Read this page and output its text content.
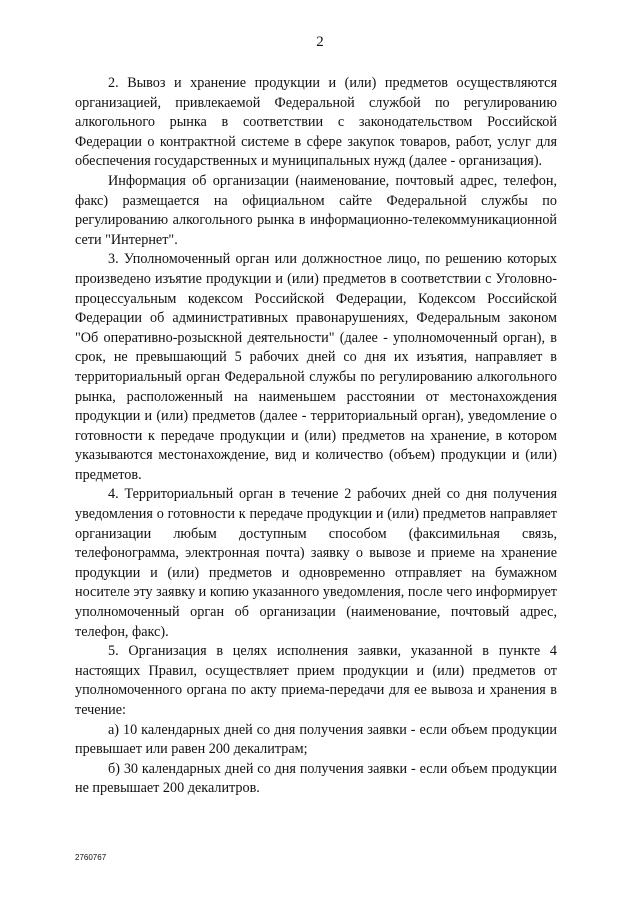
2

2. Вывоз и хранение продукции и (или) предметов осуществляются организацией, привлекаемой Федеральной службой по регулированию алкогольного рынка в соответствии с законодательством Российской Федерации о контрактной системе в сфере закупок товаров, работ, услуг для обеспечения государственных и муниципальных нужд (далее - организация).

Информация об организации (наименование, почтовый адрес, телефон, факс) размещается на официальном сайте Федеральной службы по регулированию алкогольного рынка в информационно-телекоммуникационной сети "Интернет".

3. Уполномоченный орган или должностное лицо, по решению которых произведено изъятие продукции и (или) предметов в соответствии с Уголовно-процессуальным кодексом Российской Федерации, Кодексом Российской Федерации об административных правонарушениях, Федеральным законом "Об оперативно-розыскной деятельности" (далее - уполномоченный орган), в срок, не превышающий 5 рабочих дней со дня их изъятия, направляет в территориальный орган Федеральной службы по регулированию алкогольного рынка, расположенный на наименьшем расстоянии от местонахождения продукции и (или) предметов (далее - территориальный орган), уведомление о готовности к передаче продукции и (или) предметов на хранение, в котором указываются местонахождение, вид и количество (объем) продукции и (или) предметов.

4. Территориальный орган в течение 2 рабочих дней со дня получения уведомления о готовности к передаче продукции и (или) предметов направляет организации любым доступным способом (факсимильная связь, телефонограмма, электронная почта) заявку о вывозе и приеме на хранение продукции и (или) предметов и одновременно отправляет на бумажном носителе эту заявку и копию указанного уведомления, после чего информирует уполномоченный орган об организации (наименование, почтовый адрес, телефон, факс).

5. Организация в целях исполнения заявки, указанной в пункте 4 настоящих Правил, осуществляет прием продукции и (или) предметов от уполномоченного органа по акту приема-передачи для ее вывоза и хранения в течение:

а) 10 календарных дней со дня получения заявки - если объем продукции превышает или равен 200 декалитрам;

б) 30 календарных дней со дня получения заявки - если объем продукции не превышает 200 декалитров.

2760767
